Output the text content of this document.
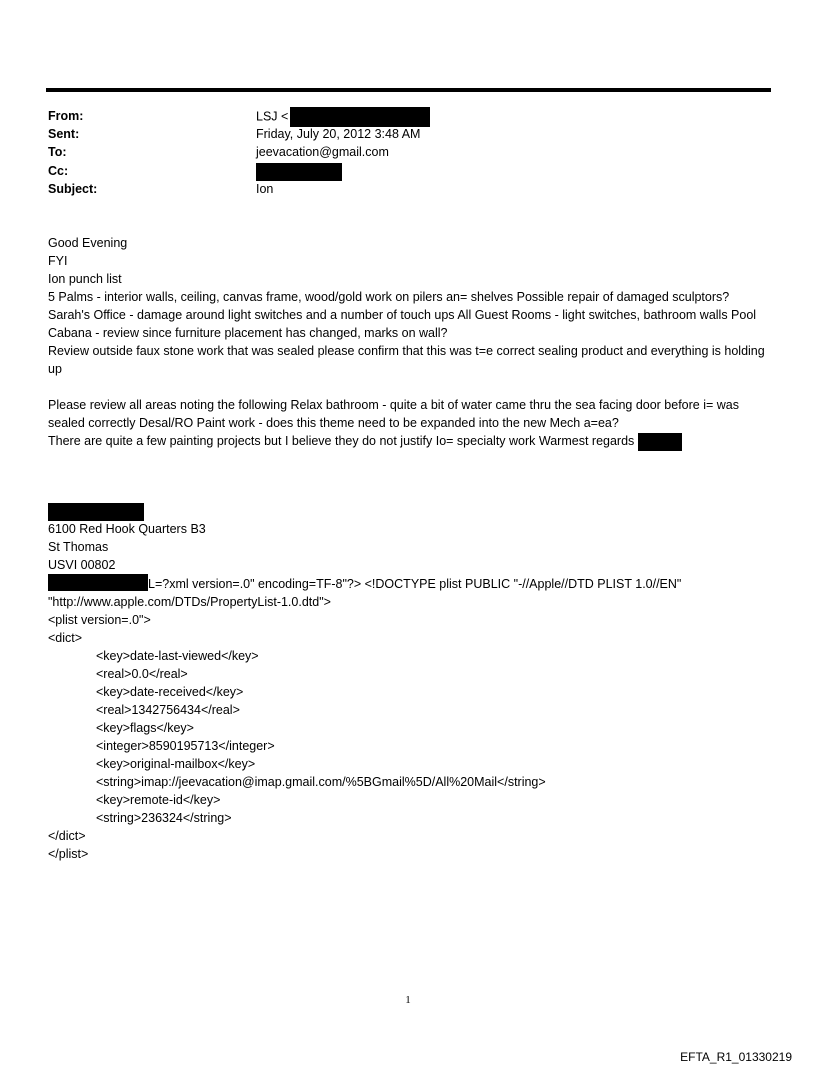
From:	LSJ <
Sent:	Friday, July 20, 2012 3:48 AM
To:	jeevacation@gmail.com
Cc:
Subject:	Ion

Good Evening

FYI

Ion punch list

5 Palms - interior walls, ceiling, canvas frame, wood/gold work on pilers an= shelves Possible repair of damaged sculptors?

Sarah's Office - damage around light switches and a number of touch ups All Guest Rooms - light switches, bathroom walls Pool Cabana - review since furniture placement has changed, marks on wall?

Review outside faux stone work that was sealed please confirm that this was t=e correct sealing product and everything is holding up

Please review all areas noting the following Relax bathroom - quite a bit of water came thru the sea facing door before i= was sealed correctly Desal/RO Paint work - does this theme need to be expanded into the new Mech a=ea?

There are quite a few painting projects but I believe they do not justify Io= specialty work Warmest regards

6100 Red Hook Quarters B3

St Thomas

USVI 00802

L=?xml version=.0" encoding=TF-8"?> <!DOCTYPE plist PUBLIC "-//Apple//DTD PLIST 1.0//EN"
"http://www.apple.com/DTDs/PropertyList-1.0.dtd">
<plist version=.0">
<dict>
<key>date-last-viewed</key>
<real>0.0</real>
<key>date-received</key>
<real>1342756434</real>
<key>flags</key>
<integer>8590195713</integer>
<key>original-mailbox</key>
<string>imap://jeevacation@imap.gmail.com/%5BGmail%5D/All%20Mail</string>
<key>remote-id</key>
<string>236324</string>
</dict>
</plist>
1
EFTA_R1_01330219
